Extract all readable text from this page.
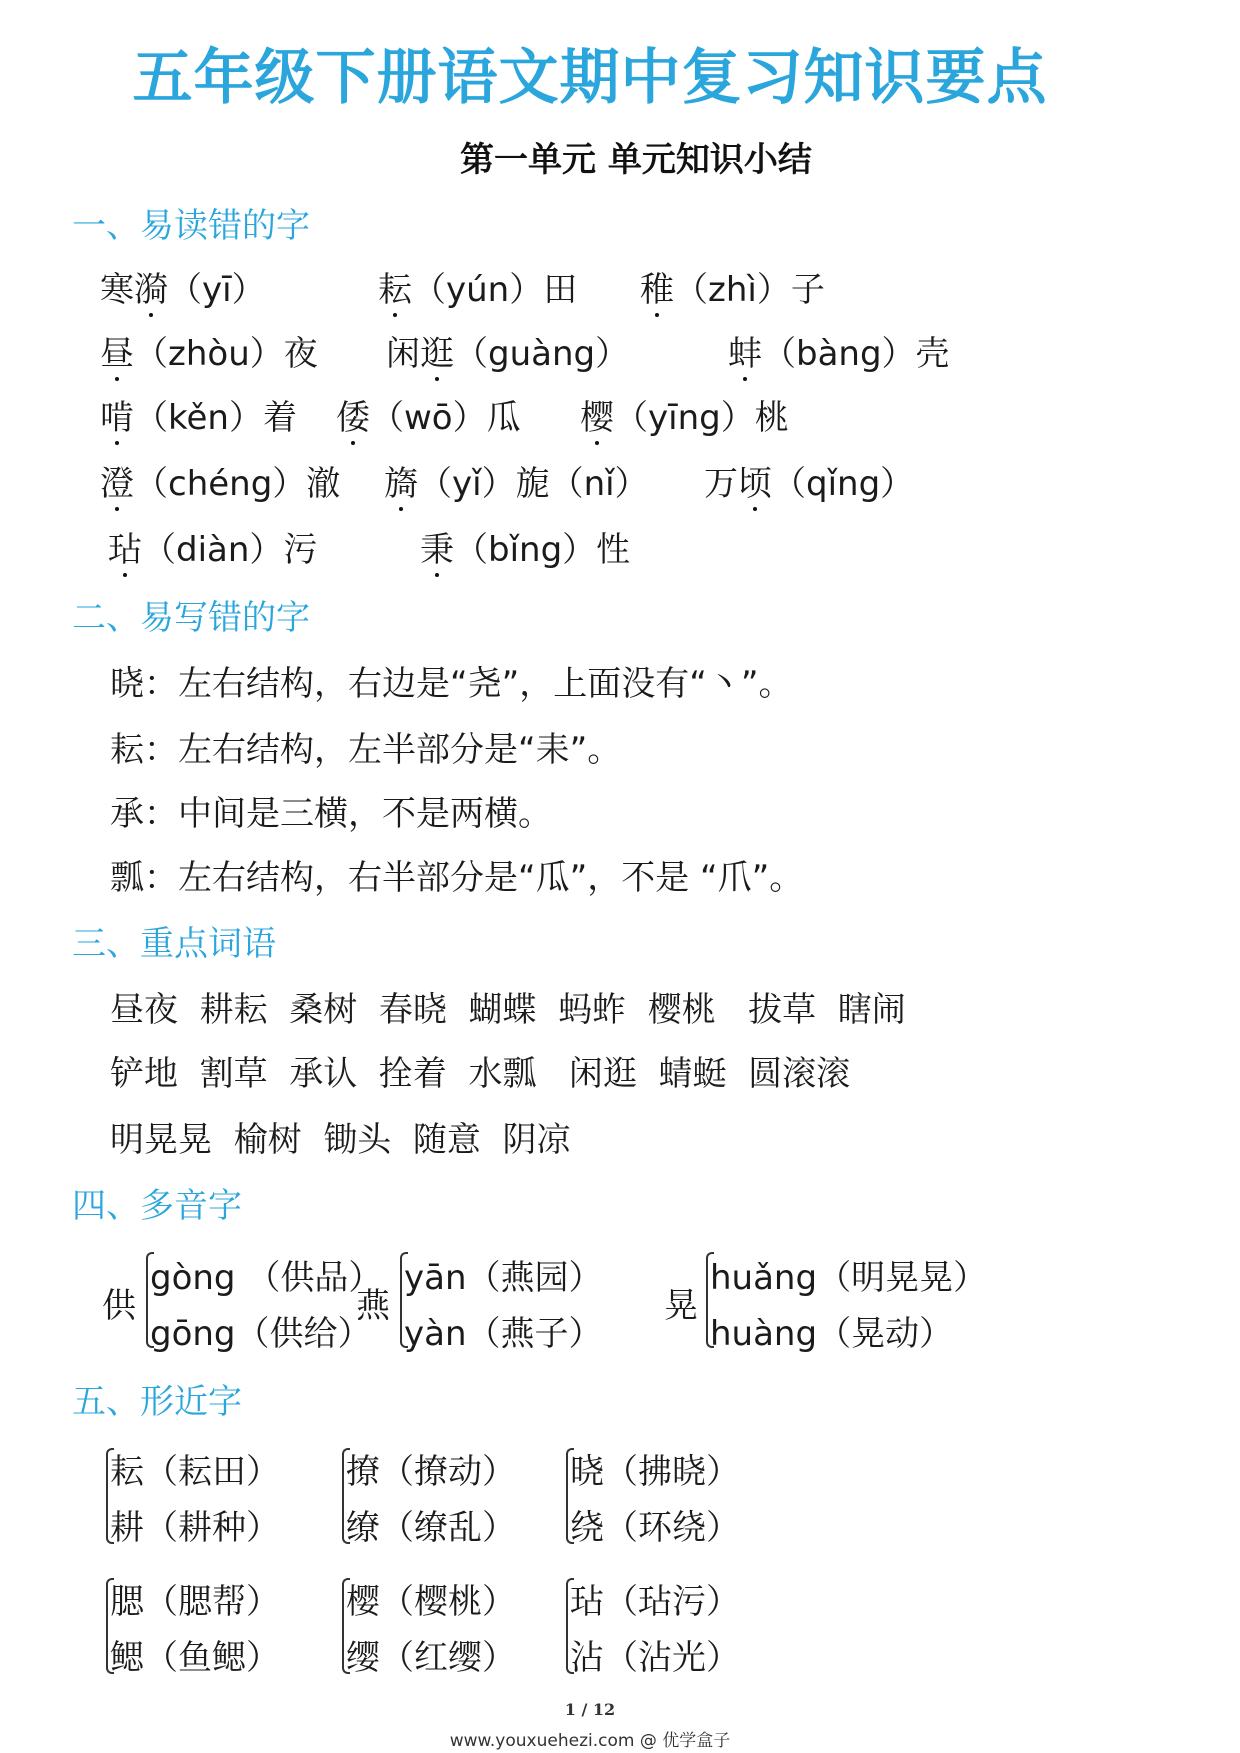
五年级下册语文期中复习知识要点
第一单元 单元知识小结
一、易读错的字
寒漪（yī）	耘（yún）田 稚（zhì）子
昼（zhòu）夜 闲逛（guàng）	蚌（bàng）壳
啃（kěn）着 倭（wō）瓜 樱（yīng）桃
澄（chéng）澈 旖（yǐ）旎（nǐ） 万顷（qǐng）
玷（diàn）污	秉（bǐng）性
二、易写错的字
晓：左右结构，右边是“尧”，上面没有“丶”。
耘：左右结构，左半部分是“耒”。
承：中间是三横，不是两横。
瓢：左右结构，右半部分是“瓜”，不是 “爪”。
三、重点词语
昼夜  耕耘  桑树  春晓  蝴蝶  蚂蚱  樱桃   拔草  瞎闹
铲地  割草  承认  拴着  水瓢   闲逛  蜻蜓  圆滚滚
明晃晃  榆树  锄头  随意  阴凉
四、多音字
供
gòng （供品）
gōng（供给）
燕
yān（燕园）
yàn（燕子）
晃
huǎng（明晃晃）
huàng（晃动）
五、形近字
耘（耘田）
耕（耕种）
撩（撩动）
缭（缭乱）
晓（拂晓）
绕（环绕）
腮（腮帮）
鳃（鱼鳃）
樱（樱桃）
缨（红缨）
玷（玷污）
沾（沾光）
1 / 12
www.youxuehezi.com @ 优学盒子
